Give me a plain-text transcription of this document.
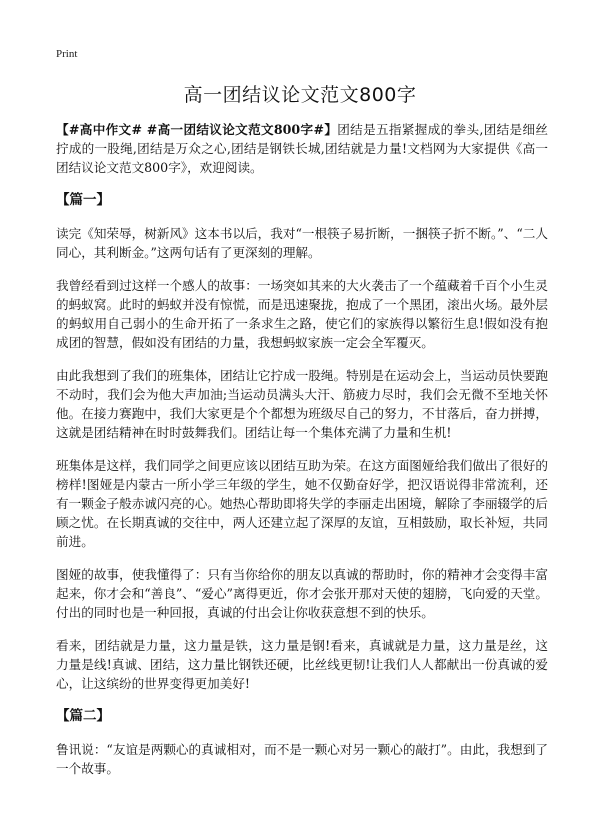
Print
高一团结议论文范文800字

【#高中作文# #高一团结议论文范文800字#】团结是五指紧握成的拳头,团结是细丝拧成的一股绳,团结是万众之心,团结是钢铁长城,团结就是力量!文档网为大家提供《高一团结议论文范文800字》，欢迎阅读。

【篇一】

读完《知荣辱，树新风》这本书以后，我对“一根筷子易折断，一捆筷子折不断。”、“二人同心，其利断金。”这两句话有了更深刻的理解。

我曾经看到过这样一个感人的故事：一场突如其来的大火袭击了一个蕴藏着千百个小生灵的蚂蚁窝。此时的蚂蚁并没有惊慌，而是迅速聚拢，抱成了一个黑团，滚出火场。最外层的蚂蚁用自己弱小的生命开拓了一条求生之路，使它们的家族得以繁衍生息!假如没有抱成团的智慧，假如没有团结的力量，我想蚂蚁家族一定会全军覆灭。

由此我想到了我们的班集体，团结让它拧成一股绳。特别是在运动会上，当运动员快要跑不动时，我们会为他大声加油;当运动员满头大汗、筋疲力尽时，我们会无微不至地关怀他。在接力赛跑中，我们大家更是个个都想为班级尽自己的努力，不甘落后，奋力拼搏，这就是团结精神在时时鼓舞我们。团结让每一个集体充满了力量和生机!

班集体是这样，我们同学之间更应该以团结互助为荣。在这方面图娅给我们做出了很好的榜样!图娅是内蒙古一所小学三年级的学生，她不仅勤奋好学，把汉语说得非常流利，还有一颗金子般赤诚闪亮的心。她热心帮助即将失学的李丽走出困境，解除了李丽辍学的后顾之忧。在长期真诚的交往中，两人还建立起了深厚的友谊，互相鼓励，取长补短，共同前进。

图娅的故事，使我懂得了：只有当你给你的朋友以真诚的帮助时，你的精神才会变得丰富起来，你才会和“善良”、“爱心”离得更近，你才会张开那对天使的翅膀，飞向爱的天堂。付出的同时也是一种回报，真诚的付出会让你收获意想不到的快乐。

看来，团结就是力量，这力量是铁，这力量是钢!看来，真诚就是力量，这力量是丝，这力量是线!真诚、团结，这力量比钢铁还硬，比丝线更韧!让我们人人都献出一份真诚的爱心，让这缤纷的世界变得更加美好!

【篇二】

鲁讯说：“友谊是两颗心的真诚相对，而不是一颗心对另一颗心的敲打”。由此，我想到了一个故事。
